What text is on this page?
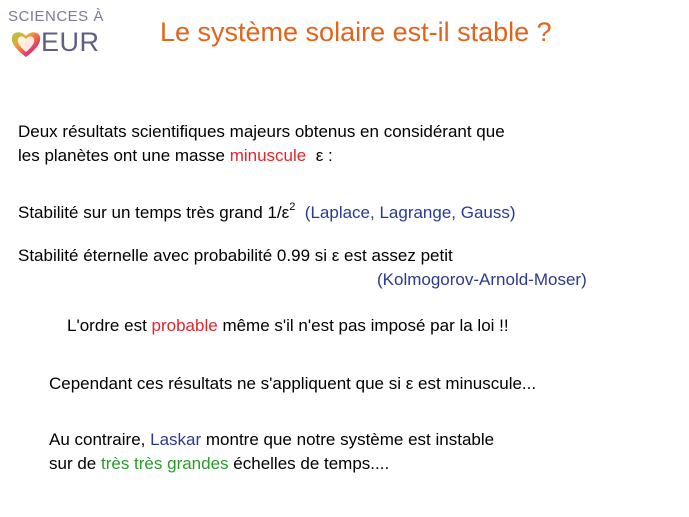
SCIENCES À
EUR Le système solaire est-il stable ?
Deux résultats scientifiques majeurs obtenus en considérant que
les planètes ont une masse minuscule ε :
Stabilité sur un temps très grand $1/\varepsilon^2$ (Laplace, Lagrange, Gauss)
Stabilité éternelle avec probabilité 0.99 si ε est assez petit
(Kolmogorov-Arnold-Moser)
L'ordre est probable même s'il n'est pas imposé par la loi !!
Cependant ces résultats ne s'appliquent que si ε est minuscule...
Au contraire, Laskar montre que notre système est instable
sur de très très grandes échelles de temps....
